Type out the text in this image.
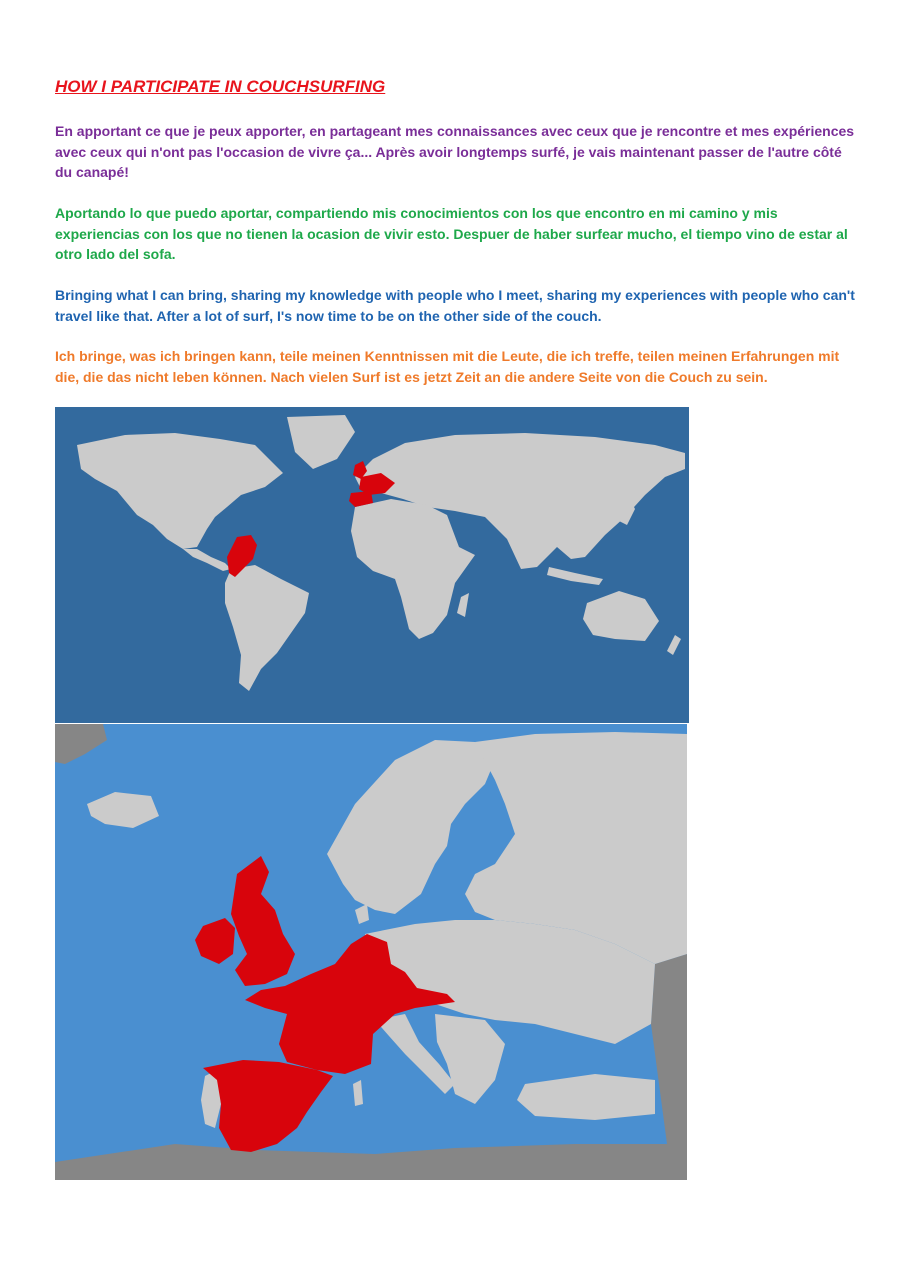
HOW I PARTICIPATE IN COUCHSURFING

En apportant ce que je peux apporter, en partageant mes connaissances avec ceux que je rencontre et mes expériences avec ceux qui n'ont pas l'occasion de vivre ça... Après avoir longtemps surfé, je vais maintenant passer de l'autre côté du canapé!

Aportando lo que puedo aportar, compartiendo mis conocimientos con los que encontro en mi camino y mis experiencias con los que no tienen la ocasion de vivir esto. Despuer de haber surfear mucho, el tiempo vino de estar al otro lado del sofa.

Bringing what I can bring, sharing my knowledge with people who I meet, sharing my experiences with people who can't travel like that. After a lot of surf, I's now time to be on the other side of the couch.

Ich bringe, was ich bringen kann, teile meinen Kenntnissen mit die Leute, die ich treffe, teilen meinen Erfahrungen mit die, die das nicht leben können. Nach vielen Surf ist es jetzt Zeit an die andere Seite von die Couch zu sein.
